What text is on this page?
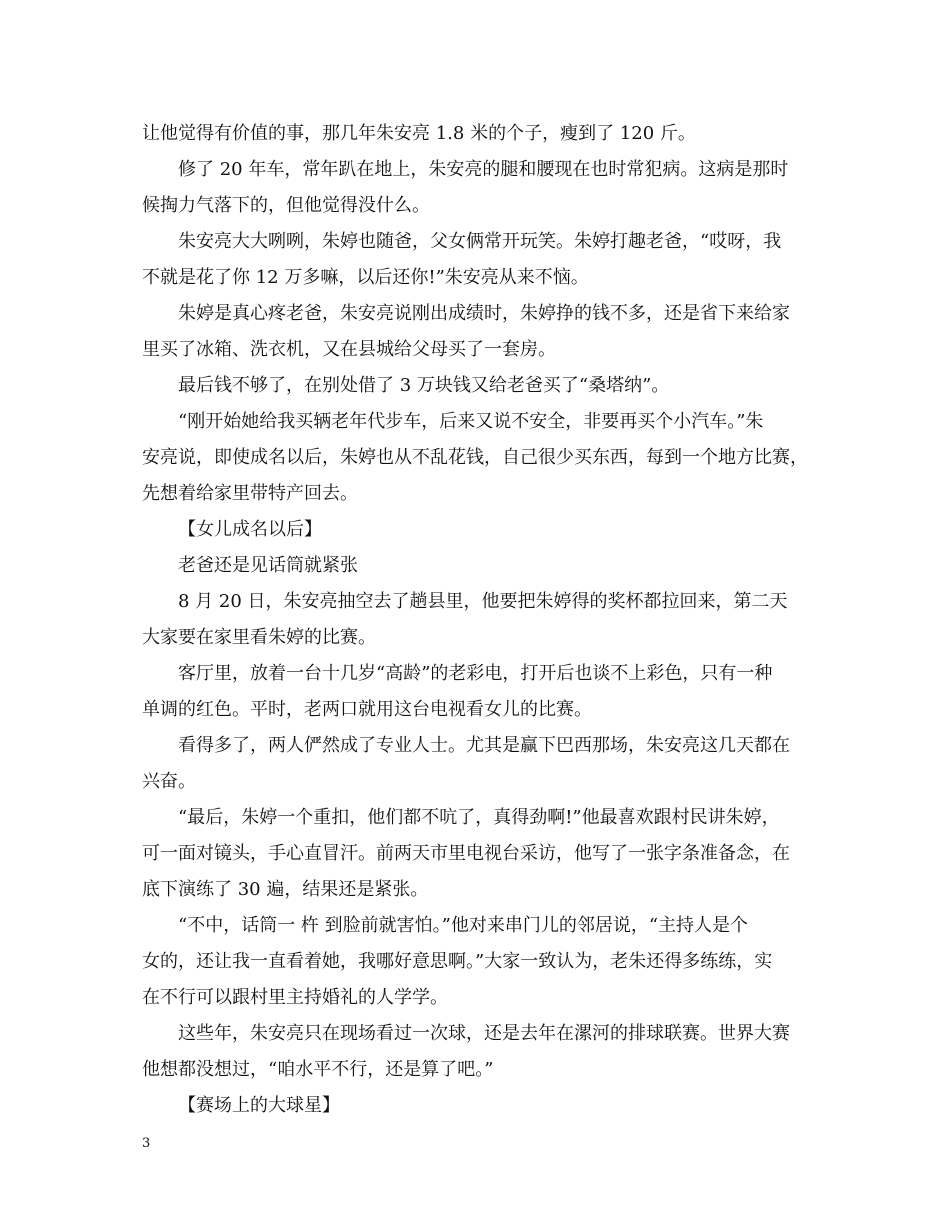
让他觉得有价值的事，那几年朱安亮 1.8 米的个子，瘦到了 120 斤。
修了 20 年车，常年趴在地上，朱安亮的腿和腰现在也时常犯病。这病是那时
候掏力气落下的，但他觉得没什么。
朱安亮大大咧咧，朱婷也随爸，父女俩常开玩笑。朱婷打趣老爸，“哎呀，我
不就是花了你 12 万多嘛，以后还你!”朱安亮从来不恼。
朱婷是真心疼老爸，朱安亮说刚出成绩时，朱婷挣的钱不多，还是省下来给家
里买了冰箱、洗衣机，又在县城给父母买了一套房。
最后钱不够了，在别处借了 3 万块钱又给老爸买了“桑塔纳”。
“刚开始她给我买辆老年代步车，后来又说不安全，非要再买个小汽车。”朱
安亮说，即使成名以后，朱婷也从不乱花钱，自己很少买东西，每到一个地方比赛，
先想着给家里带特产回去。
【女儿成名以后】
老爸还是见话筒就紧张
8 月 20 日，朱安亮抽空去了趟县里，他要把朱婷得的奖杯都拉回来，第二天
大家要在家里看朱婷的比赛。
客厅里，放着一台十几岁“高龄”的老彩电，打开后也谈不上彩色，只有一种
单调的红色。平时，老两口就用这台电视看女儿的比赛。
看得多了，两人俨然成了专业人士。尤其是赢下巴西那场，朱安亮这几天都在
兴奋。
“最后，朱婷一个重扣，他们都不吭了，真得劲啊!”他最喜欢跟村民讲朱婷，
可一面对镜头，手心直冒汗。前两天市里电视台采访，他写了一张字条准备念，在
底下演练了 30 遍，结果还是紧张。
“不中，话筒一 杵 到脸前就害怕。”他对来串门儿的邻居说，“主持人是个
女的，还让我一直看着她，我哪好意思啊。”大家一致认为，老朱还得多练练，实
在不行可以跟村里主持婚礼的人学学。
这些年，朱安亮只在现场看过一次球，还是去年在漯河的排球联赛。世界大赛
他想都没想过，“咱水平不行，还是算了吧。”
【赛场上的大球星】
3
